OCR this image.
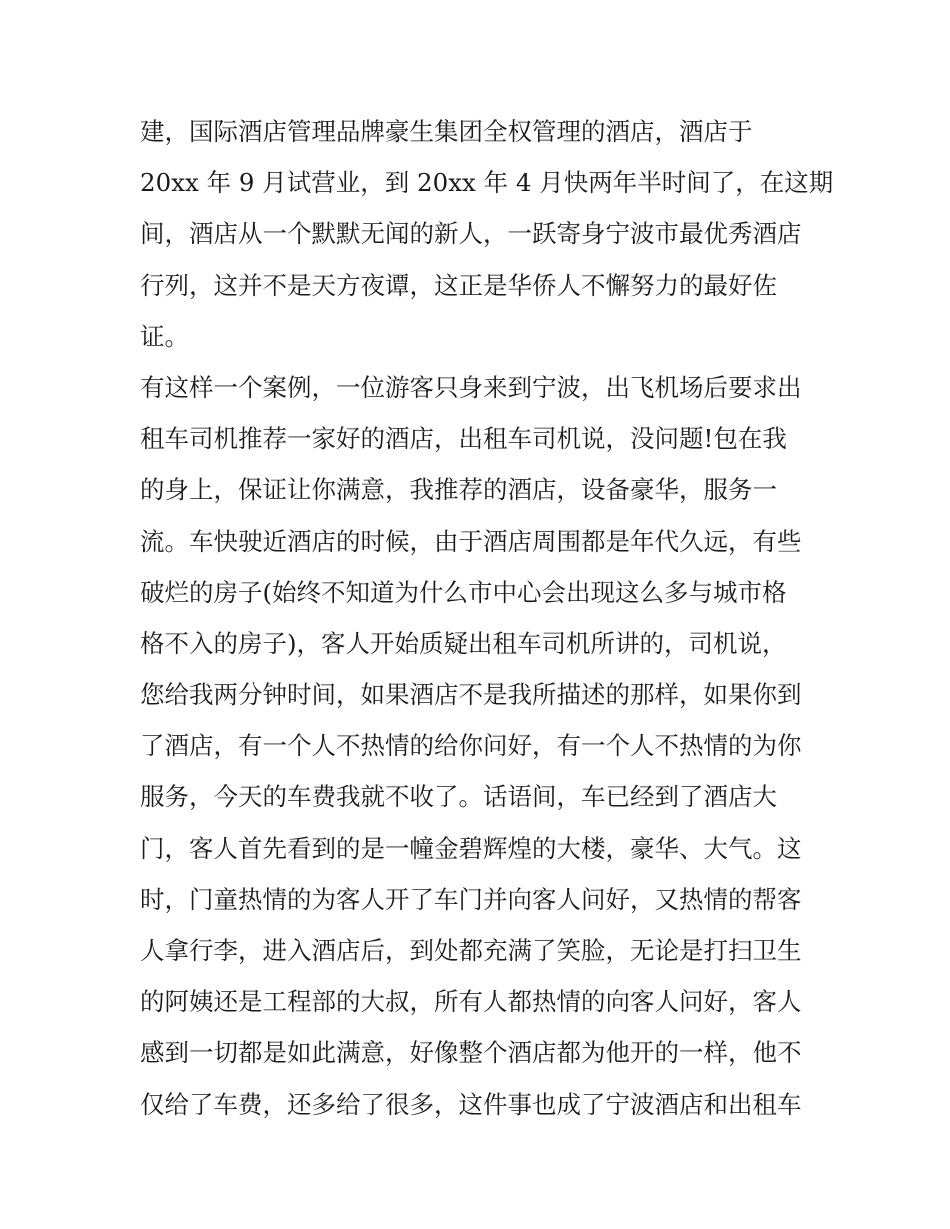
建，国际酒店管理品牌豪生集团全权管理的酒店，酒店于
20xx 年 9 月试营业，到 20xx 年 4 月快两年半时间了，在这期
间，酒店从一个默默无闻的新人，一跃寄身宁波市最优秀酒店
行列，这并不是天方夜谭，这正是华侨人不懈努力的最好佐
证。
有这样一个案例，一位游客只身来到宁波，出飞机场后要求出
租车司机推荐一家好的酒店，出租车司机说，没问题!包在我
的身上，保证让你满意，我推荐的酒店，设备豪华，服务一
流。车快驶近酒店的时候，由于酒店周围都是年代久远，有些
破烂的房子(始终不知道为什么市中心会出现这么多与城市格
格不入的房子)，客人开始质疑出租车司机所讲的，司机说，
您给我两分钟时间，如果酒店不是我所描述的那样，如果你到
了酒店，有一个人不热情的给你问好，有一个人不热情的为你
服务，今天的车费我就不收了。话语间，车已经到了酒店大
门，客人首先看到的是一幢金碧辉煌的大楼，豪华、大气。这
时，门童热情的为客人开了车门并向客人问好，又热情的帮客
人拿行李，进入酒店后，到处都充满了笑脸，无论是打扫卫生
的阿姨还是工程部的大叔，所有人都热情的向客人问好，客人
感到一切都是如此满意，好像整个酒店都为他开的一样，他不
仅给了车费，还多给了很多，这件事也成了宁波酒店和出租车
